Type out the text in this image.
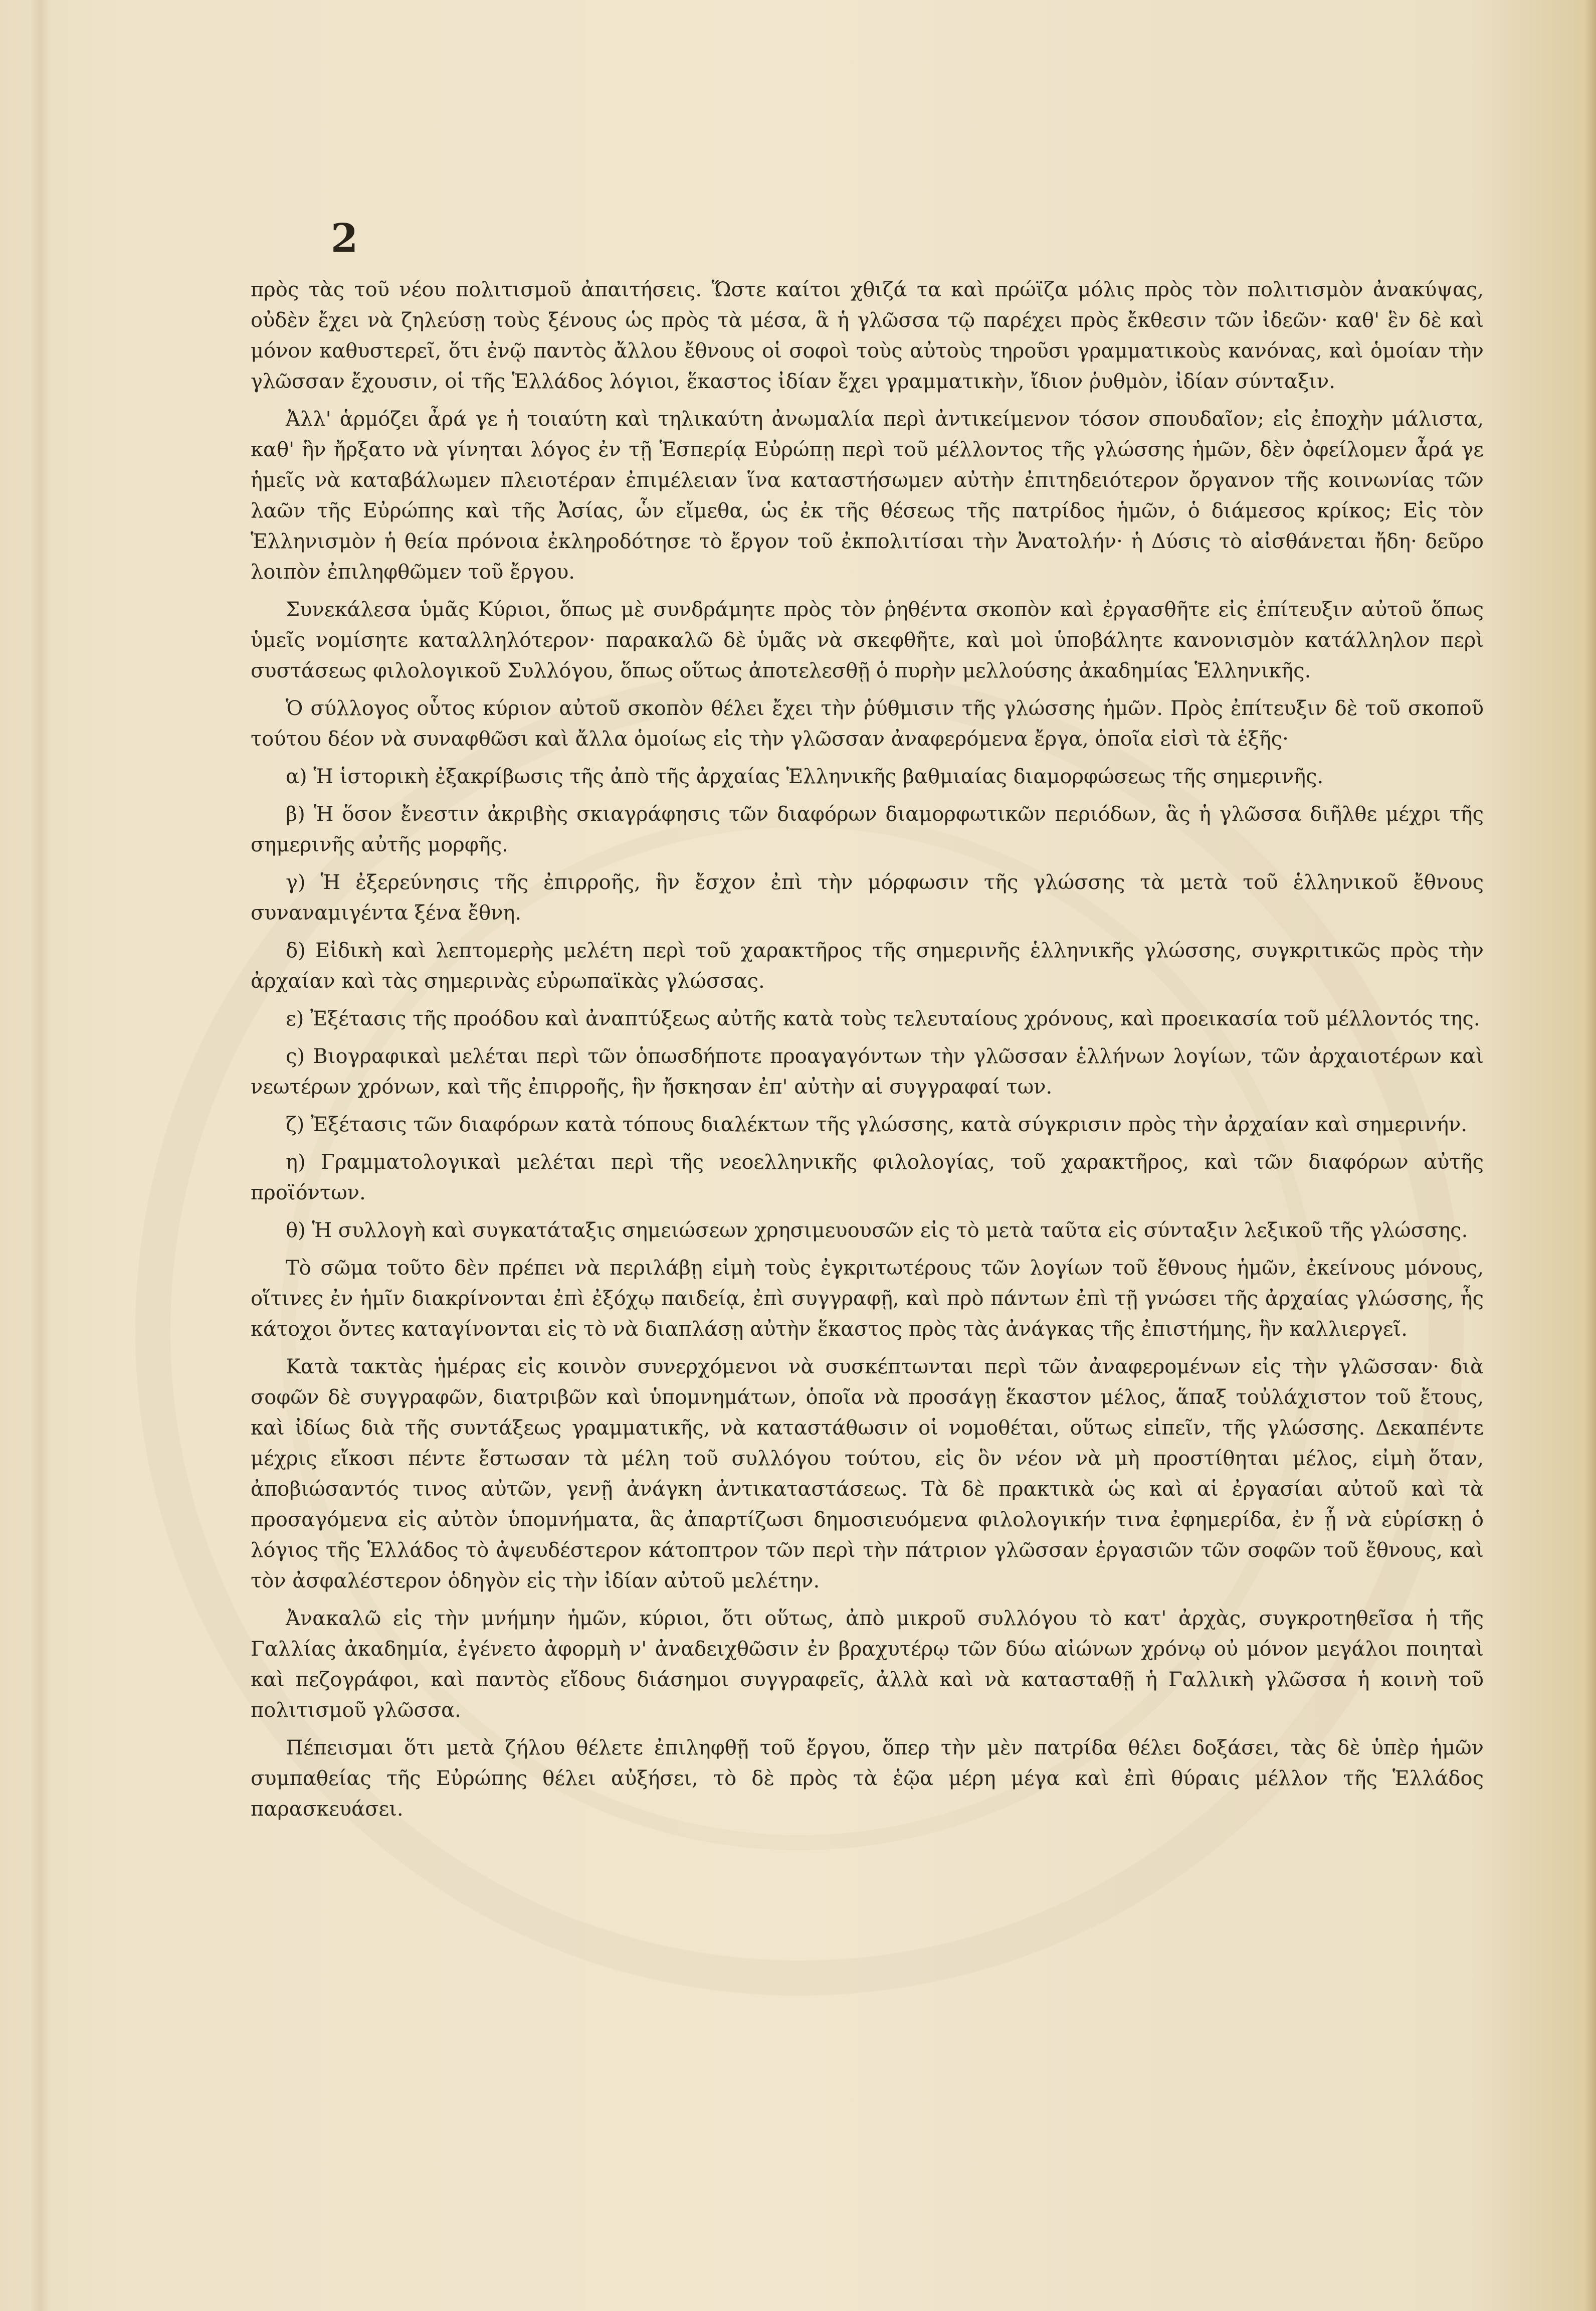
2

πρὸς τὰς τοῦ νέου πολιτισμοῦ ἀπαιτήσεις. Ὥστε καίτοι χθιζά τα καὶ πρώϊζα μόλις πρὸς τὸν πολιτισμὸν ἀνακύψας, οὐδὲν ἔχει νὰ ζηλεύσῃ τοὺς ξένους ὡς πρὸς τὰ μέσα, ἃ ἡ γλῶσσα τῷ παρέχει πρὸς ἔκθεσιν τῶν ἰδεῶν· καθ' ἓν δὲ καὶ μόνον καθυστερεῖ, ὅτι ἐνῷ παντὸς ἄλλου ἔθνους οἱ σοφοὶ τοὺς αὐτοὺς τηροῦσι γραμματικοὺς κανόνας, καὶ ὁμοίαν τὴν γλῶσσαν ἔχουσιν, οἱ τῆς Ἑλλάδος λόγιοι, ἕκαστος ἰδίαν ἔχει γραμματικὴν, ἴδιον ῥυθμὸν, ἰδίαν σύνταξιν.

Ἀλλ' ἁρμόζει ἆρά γε ἡ τοιαύτη καὶ τηλικαύτη ἀνωμαλία περὶ ἀντικείμενον τόσον σπουδαῖον; εἰς ἐποχὴν μάλιστα, καθ' ἣν ἤρξατο νὰ γίνηται λόγος ἐν τῇ Ἑσπερίᾳ Εὐρώπῃ περὶ τοῦ μέλλοντος τῆς γλώσσης ἡμῶν, δὲν ὀφείλομεν ἆρά γε ἡμεῖς νὰ καταβάλωμεν πλειοτέραν ἐπιμέλειαν ἵνα καταστήσωμεν αὐτὴν ἐπιτηδειότερον ὄργανον τῆς κοινωνίας τῶν λαῶν τῆς Εὐρώπης καὶ τῆς Ἀσίας, ὧν εἴμεθα, ὡς ἐκ τῆς θέσεως τῆς πατρίδος ἡμῶν, ὁ διάμεσος κρίκος; Εἰς τὸν Ἑλληνισμὸν ἡ θεία πρόνοια ἐκληροδότησε τὸ ἔργον τοῦ ἐκπολιτίσαι τὴν Ἀνατολήν· ἡ Δύσις τὸ αἰσθάνεται ἤδη· δεῦρο λοιπὸν ἐπιληφθῶμεν τοῦ ἔργου.

Συνεκάλεσα ὑμᾶς Κύριοι, ὅπως μὲ συνδράμητε πρὸς τὸν ῥηθέντα σκοπὸν καὶ ἐργασθῆτε εἰς ἐπίτευξιν αὐτοῦ ὅπως ὑμεῖς νομίσητε καταλληλότερον· παρακαλῶ δὲ ὑμᾶς νὰ σκεφθῆτε, καὶ μοὶ ὑποβάλητε κανονισμὸν κατάλληλον περὶ συστάσεως φιλολογικοῦ Συλλόγου, ὅπως οὕτως ἀποτελεσθῇ ὁ πυρὴν μελλούσης ἀκαδημίας Ἑλληνικῆς.

Ὁ σύλλογος οὗτος κύριον αὐτοῦ σκοπὸν θέλει ἔχει τὴν ῥύθμισιν τῆς γλώσσης ἡμῶν. Πρὸς ἐπίτευξιν δὲ τοῦ σκοποῦ τούτου δέον νὰ συναφθῶσι καὶ ἄλλα ὁμοίως εἰς τὴν γλῶσσαν ἀναφερόμενα ἔργα, ὁποῖα εἰσὶ τὰ ἑξῆς·

α) Ἡ ἱστορικὴ ἐξακρίβωσις τῆς ἀπὸ τῆς ἀρχαίας Ἑλληνικῆς βαθμιαίας διαμορφώσεως τῆς σημερινῆς.

β) Ἡ ὅσον ἔνεστιν ἀκριβὴς σκιαγράφησις τῶν διαφόρων διαμορφωτικῶν περιόδων, ἃς ἡ γλῶσσα διῆλθε μέχρι τῆς σημερινῆς αὐτῆς μορφῆς.

γ) Ἡ ἐξερεύνησις τῆς ἐπιρροῆς, ἣν ἔσχον ἐπὶ τὴν μόρφωσιν τῆς γλώσσης τὰ μετὰ τοῦ ἑλληνικοῦ ἔθνους συναναμιγέντα ξένα ἔθνη.

δ) Εἰδικὴ καὶ λεπτομερὴς μελέτη περὶ τοῦ χαρακτῆρος τῆς σημερινῆς ἑλληνικῆς γλώσσης, συγκριτικῶς πρὸς τὴν ἀρχαίαν καὶ τὰς σημερινὰς εὐρωπαϊκὰς γλώσσας.

ε) Ἐξέτασις τῆς προόδου καὶ ἀναπτύξεως αὐτῆς κατὰ τοὺς τελευταίους χρόνους, καὶ προεικασία τοῦ μέλλοντός της.

ς) Βιογραφικαὶ μελέται περὶ τῶν ὁπωσδήποτε προαγαγόντων τὴν γλῶσσαν ἑλλήνων λογίων, τῶν ἀρχαιοτέρων καὶ νεωτέρων χρόνων, καὶ τῆς ἐπιρροῆς, ἣν ἤσκησαν ἐπ' αὐτὴν αἱ συγγραφαί των.

ζ) Ἐξέτασις τῶν διαφόρων κατὰ τόπους διαλέκτων τῆς γλώσσης, κατὰ σύγκρισιν πρὸς τὴν ἀρχαίαν καὶ σημερινήν.

η) Γραμματολογικαὶ μελέται περὶ τῆς νεοελληνικῆς φιλολογίας, τοῦ χαρακτῆρος, καὶ τῶν διαφόρων αὐτῆς προϊόντων.

θ) Ἡ συλλογὴ καὶ συγκατάταξις σημειώσεων χρησιμευουσῶν εἰς τὸ μετὰ ταῦτα εἰς σύνταξιν λεξικοῦ τῆς γλώσσης.

Τὸ σῶμα τοῦτο δὲν πρέπει νὰ περιλάβῃ εἰμὴ τοὺς ἐγκριτωτέρους τῶν λογίων τοῦ ἔθνους ἡμῶν, ἐκείνους μόνους, οἵτινες ἐν ἡμῖν διακρίνονται ἐπὶ ἐξόχῳ παιδείᾳ, ἐπὶ συγγραφῇ, καὶ πρὸ πάντων ἐπὶ τῇ γνώσει τῆς ἀρχαίας γλώσσης, ἧς κάτοχοι ὄντες καταγίνονται εἰς τὸ νὰ διαπλάσῃ αὐτὴν ἕκαστος πρὸς τὰς ἀνάγκας τῆς ἐπιστήμης, ἣν καλλιεργεῖ.

Κατὰ τακτὰς ἡμέρας εἰς κοινὸν συνερχόμενοι νὰ συσκέπτωνται περὶ τῶν ἀναφερομένων εἰς τὴν γλῶσσαν· διὰ σοφῶν δὲ συγγραφῶν, διατριβῶν καὶ ὑπομνημάτων, ὁποῖα νὰ προσάγῃ ἕκαστον μέλος, ἅπαξ τοὐλάχιστον τοῦ ἔτους, καὶ ἰδίως διὰ τῆς συντάξεως γραμματικῆς, νὰ καταστάθωσιν οἱ νομοθέται, οὕτως εἰπεῖν, τῆς γλώσσης. Δεκαπέντε μέχρις εἴκοσι πέντε ἔστωσαν τὰ μέλη τοῦ συλλόγου τούτου, εἰς ὃν νέον νὰ μὴ προστίθηται μέλος, εἰμὴ ὅταν, ἀποβιώσαντός τινος αὐτῶν, γενῇ ἀνάγκη ἀντικαταστάσεως. Τὰ δὲ πρακτικὰ ὡς καὶ αἱ ἐργασίαι αὐτοῦ καὶ τὰ προσαγόμενα εἰς αὐτὸν ὑπομνήματα, ἃς ἀπαρτίζωσι δημοσιευόμενα φιλολογικήν τινα ἐφημερίδα, ἐν ᾗ νὰ εὑρίσκῃ ὁ λόγιος τῆς Ἑλλάδος τὸ ἀψευδέστερον κάτοπτρον τῶν περὶ τὴν πάτριον γλῶσσαν ἐργασιῶν τῶν σοφῶν τοῦ ἔθνους, καὶ τὸν ἀσφαλέστερον ὁδηγὸν εἰς τὴν ἰδίαν αὐτοῦ μελέτην.

Ἀνακαλῶ εἰς τὴν μνήμην ἡμῶν, κύριοι, ὅτι οὕτως, ἀπὸ μικροῦ συλλόγου τὸ κατ' ἀρχὰς, συγκροτηθεῖσα ἡ τῆς Γαλλίας ἀκαδημία, ἐγένετο ἀφορμὴ ν' ἀναδειχθῶσιν ἐν βραχυτέρῳ τῶν δύω αἰώνων χρόνῳ οὐ μόνον μεγάλοι ποιηταὶ καὶ πεζογράφοι, καὶ παντὸς εἴδους διάσημοι συγγραφεῖς, ἀλλὰ καὶ νὰ κατασταθῇ ἡ Γαλλικὴ γλῶσσα ἡ κοινὴ τοῦ πολιτισμοῦ γλῶσσα.

Πέπεισμαι ὅτι μετὰ ζήλου θέλετε ἐπιληφθῇ τοῦ ἔργου, ὅπερ τὴν μὲν πατρίδα θέλει δοξάσει, τὰς δὲ ὑπὲρ ἡμῶν συμπαθείας τῆς Εὐρώπης θέλει αὐξήσει, τὸ δὲ πρὸς τὰ ἑῷα μέρη μέγα καὶ ἐπὶ θύραις μέλλον τῆς Ἑλλάδος παρασκευάσει.
